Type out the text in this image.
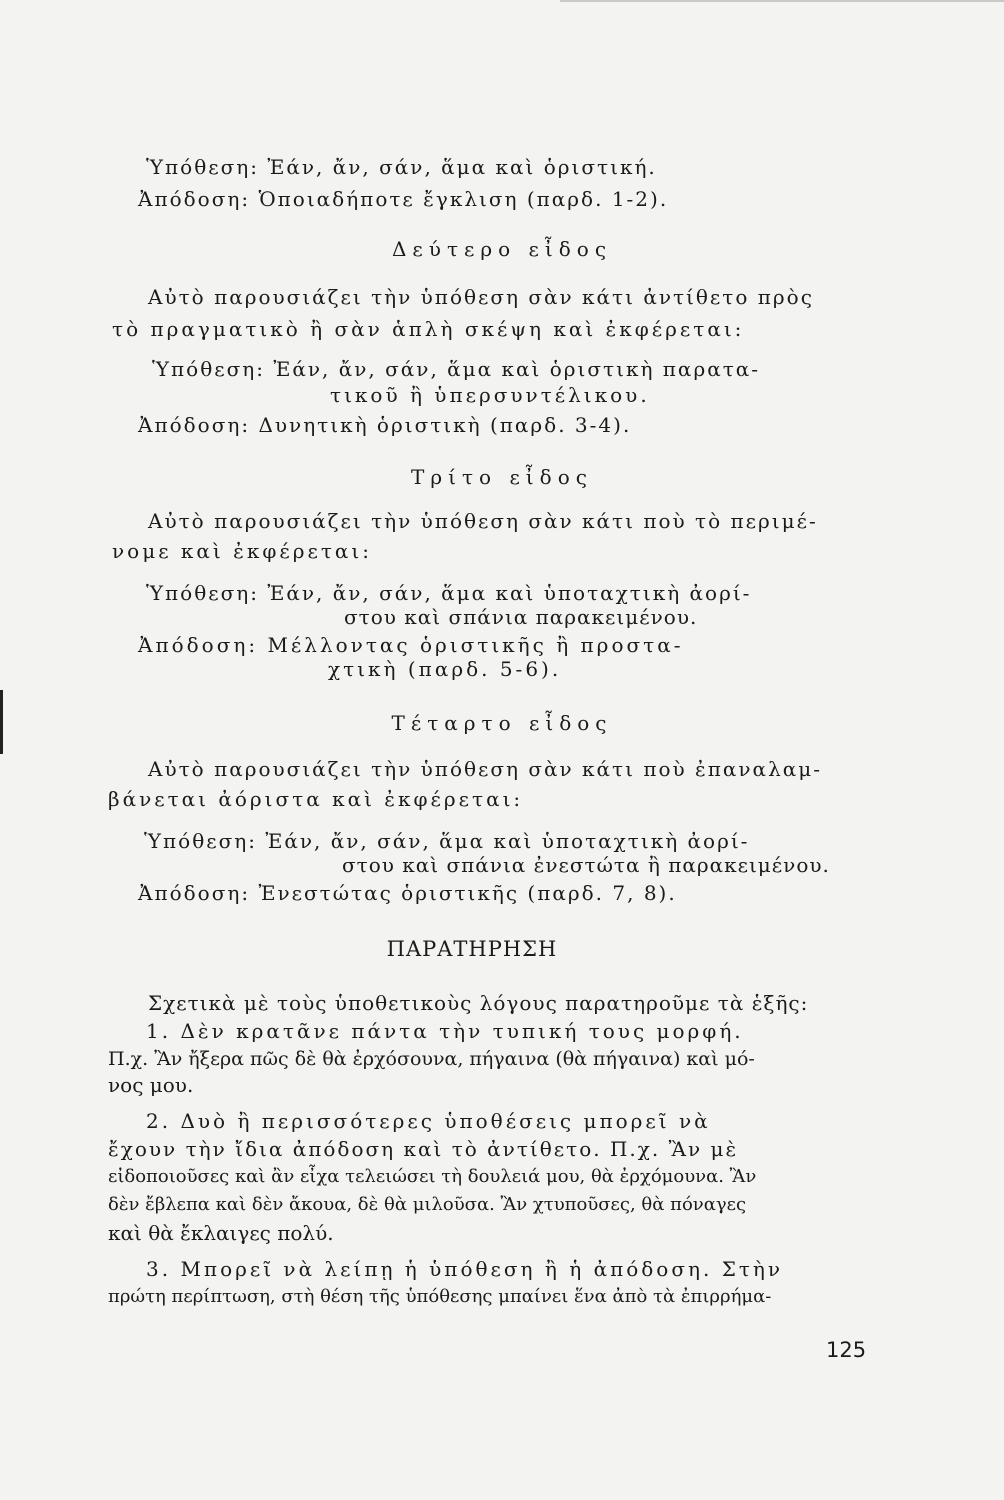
Ὑπόθεση: Ἐάν, ἄν, σάν, ἅμα καὶ ὁριστική.
Ἀπόδοση: Ὁποιαδήποτε ἔγκλιση (παρδ. 1-2).
Δεύτερο εἶδος
Αὐτὸ παρουσιάζει τὴν ὑπόθεση σὰν κάτι ἀντίθετο πρὸς
τὸ πραγματικὸ ἢ σὰν ἁπλὴ σκέψη καὶ ἐκφέρεται:
Ὑπόθεση: Ἐάν, ἄν, σάν, ἅμα καὶ ὁριστικὴ παρατα-
τικοῦ ἢ ὑπερσυντέλικου.
Ἀπόδοση: Δυνητικὴ ὁριστικὴ (παρδ. 3-4).
Τρίτο εἶδος
Αὐτὸ παρουσιάζει τὴν ὑπόθεση σὰν κάτι ποὺ τὸ περιμέ-
νομε καὶ ἐκφέρεται:
Ὑπόθεση: Ἐάν, ἄν, σάν, ἅμα καὶ ὑποταχτικὴ ἀορί-
στου καὶ σπάνια παρακειμένου.
Ἀπόδοση: Μέλλοντας ὁριστικῆς ἢ προστα-
χτικὴ (παρδ. 5-6).
Τέταρτο εἶδος
Αὐτὸ παρουσιάζει τὴν ὑπόθεση σὰν κάτι ποὺ ἐπαναλαμ-
βάνεται ἀόριστα καὶ ἐκφέρεται:
Ὑπόθεση: Ἐάν, ἄν, σάν, ἅμα καὶ ὑποταχτικὴ ἀορί-
στου καὶ σπάνια ἐνεστώτα ἢ παρακειμένου.
Ἀπόδοση: Ἐνεστώτας ὁριστικῆς (παρδ. 7, 8).
ΠΑΡΑΤΗΡΗΣΗ
Σχετικὰ μὲ τοὺς ὑποθετικοὺς λόγους παρατηροῦμε τὰ ἑξῆς:
1. Δὲν κρατᾶνε πάντα τὴν τυπική τους μορφή.
Π.χ. Ἂν ἤξερα πῶς δὲ θὰ ἐρχόσουνα, πήγαινα (θὰ πήγαινα) καὶ μό-
νος μου.
2. Δυὸ ἢ περισσότερες ὑποθέσεις μπορεῖ νὰ
ἔχουν τὴν ἴδια ἀπόδοση καὶ τὸ ἀντίθετο. Π.χ. Ἂν μὲ
εἰδοποιοῦσες καὶ ἂν εἶχα τελειώσει τὴ δουλειά μου, θὰ ἐρχόμουνα. Ἂν
δὲν ἔβλεπα καὶ δὲν ἄκουα, δὲ θὰ μιλοῦσα. Ἂν χτυποῦσες, θὰ πόναγες
καὶ θὰ ἔκλαιγες πολύ.
3. Μπορεῖ νὰ λείπῃ ἡ ὑπόθεση ἢ ἡ ἀπόδοση. Στὴν
πρώτη περίπτωση, στὴ θέση τῆς ὑπόθεσης μπαίνει ἕνα ἀπὸ τὰ ἐπιρρήμα-
125
